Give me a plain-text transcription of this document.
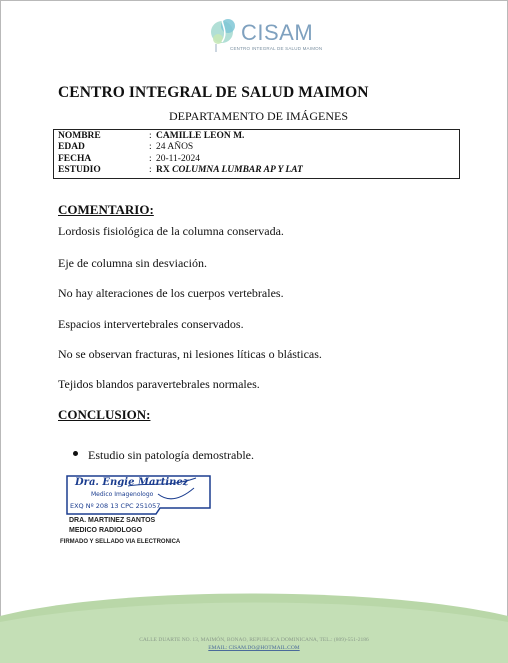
CISAM
CENTRO INTEGRAL DE SALUD MAIMON
CENTRO INTEGRAL DE SALUD MAIMON
DEPARTAMENTO DE IMÁGENES
NOMBRE	: CAMILLE LEON M.
EDAD	: 24 AÑOS
FECHA	: 20-11-2024
ESTUDIO	: RX COLUMNA LUMBAR AP Y LAT
COMENTARIO:
Lordosis fisiológica de la columna conservada.
Eje de columna sin desviación.
No hay alteraciones de los cuerpos vertebrales.
Espacios intervertebrales conservados.
No se observan fracturas, ni lesiones líticas o blásticas.
Tejidos blandos paravertebrales normales.
CONCLUSION:
Estudio sin patología demostrable.
Dra. Engie Martinez
Medico Imagenologo
EXQ Nº 208 13 CPC 251057
DRA. MARTINEZ SANTOS
MEDICO RADIOLOGO
FIRMADO Y SELLADO VIA ELECTRONICA
CALLE DUARTE NO. 13, MAIMÓN, BONAO, REPUBLICA DOMINICANA, TEL.: (809)-551-2186
EMAIL: CISAM.DO@HOTMAIL.COM
